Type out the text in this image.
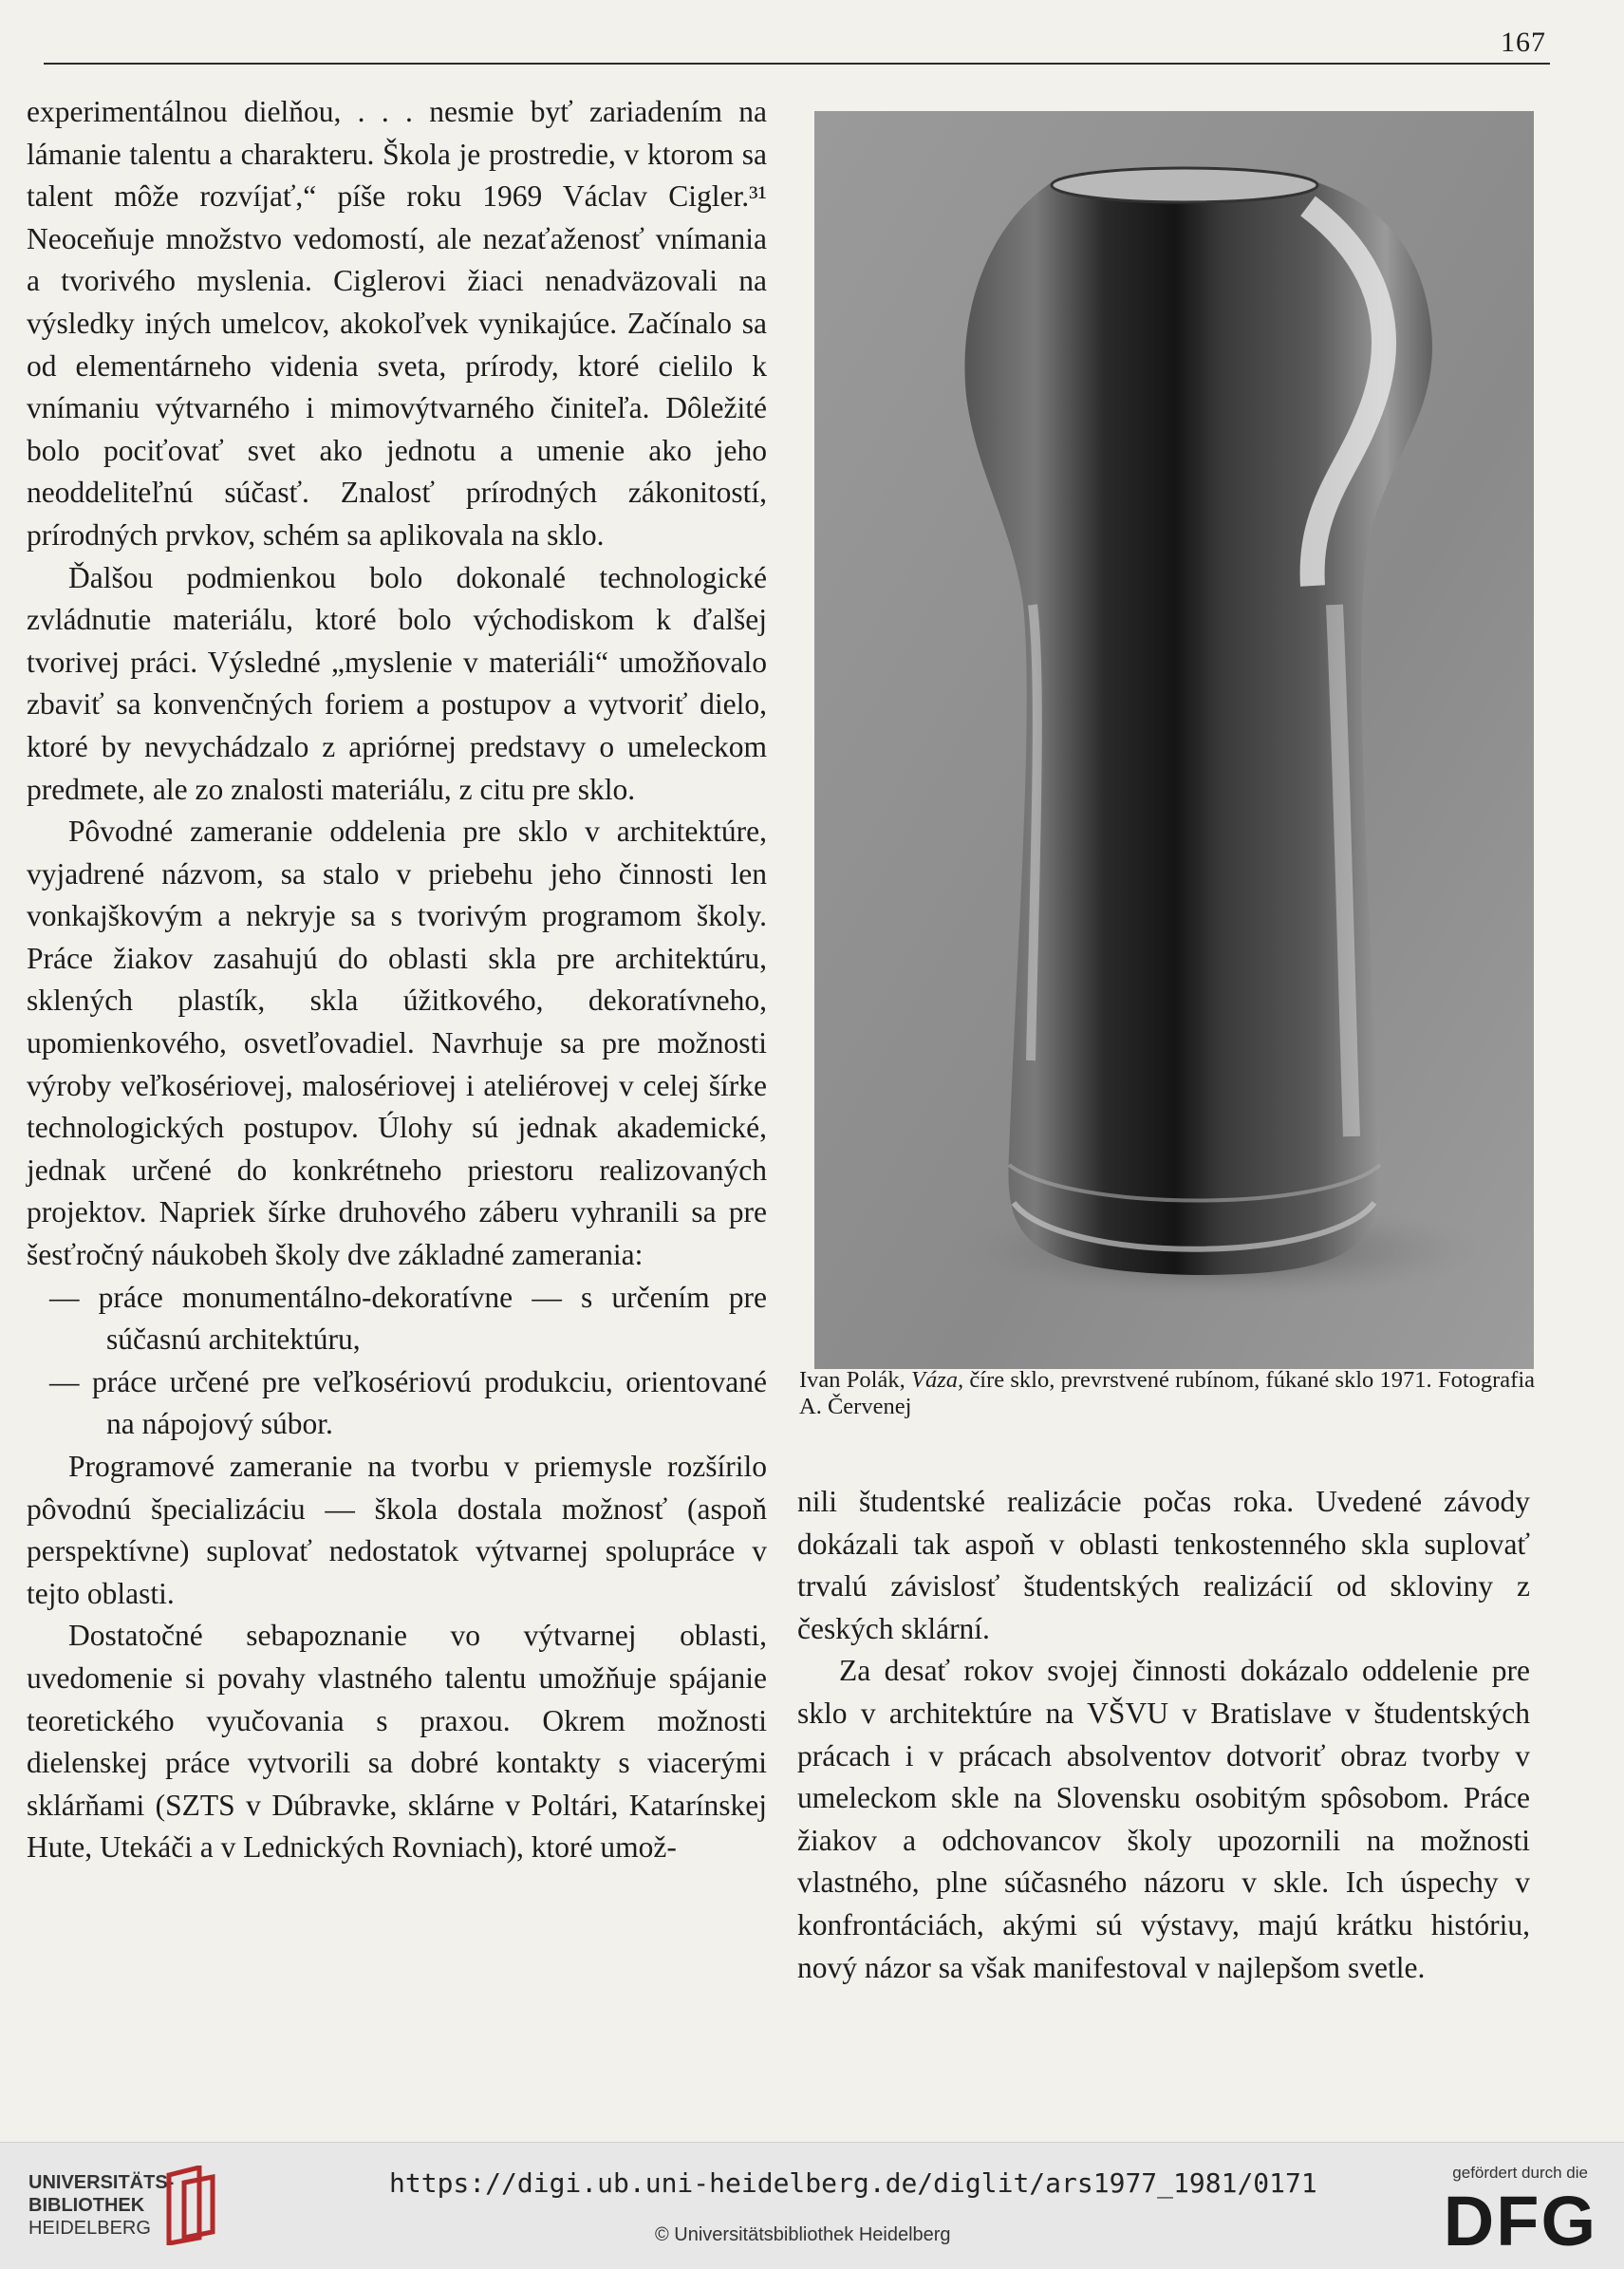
167

experimentálnou dielňou, . . . nesmie byť zariadením na lámanie talentu a charakteru. Škola je prostredie, v ktorom sa talent môže rozvíjať,“ píše roku 1969 Václav Cigler.³¹ Neoceňuje množstvo vedomostí, ale nezaťaženosť vnímania a tvorivého myslenia. Ciglerovi žiaci nenadväzovali na výsledky iných umelcov, akokoľvek vynikajúce. Začínalo sa od elementárneho videnia sveta, prírody, ktoré cielilo k vnímaniu výtvarného i mimovýtvarného činiteľa. Dôležité bolo pociťovať svet ako jednotu a umenie ako jeho neoddeliteľnú súčasť. Znalosť prírodných zákonitostí, prírodných prvkov, schém sa aplikovala na sklo.

Ďalšou podmienkou bolo dokonalé technologické zvládnutie materiálu, ktoré bolo východiskom k ďalšej tvorivej práci. Výsledné „myslenie v materiáli“ umožňovalo zbaviť sa konvenčných foriem a postupov a vytvoriť dielo, ktoré by nevychádzalo z apriórnej predstavy o umeleckom predmete, ale zo znalosti materiálu, z citu pre sklo.

Pôvodné zameranie oddelenia pre sklo v architektúre, vyjadrené názvom, sa stalo v priebehu jeho činnosti len vonkajškovým a nekryje sa s tvorivým programom školy. Práce žiakov zasahujú do oblasti skla pre architektúru, sklených plastík, skla úžitkového, dekoratívneho, upomienkového, osvetľovadiel. Navrhuje sa pre možnosti výroby veľkosériovej, malosériovej i ateliérovej v celej šírke technologických postupov. Úlohy sú jednak akademické, jednak určené do konkrétneho priestoru realizovaných projektov. Napriek šírke druhového záberu vyhranili sa pre šesťročný náukobeh školy dve základné zamerania:

— práce monumentálno-dekoratívne — s určením pre súčasnú architektúru,

— práce určené pre veľkosériovú produkciu, orientované na nápojový súbor.

Programové zameranie na tvorbu v priemysle rozšírilo pôvodnú špecializáciu — škola dostala možnosť (aspoň perspektívne) suplovať nedostatok výtvarnej spolupráce v tejto oblasti.

Dostatočné sebapoznanie vo výtvarnej oblasti, uvedomenie si povahy vlastného talentu umožňuje spájanie teoretického vyučovania s praxou. Okrem možnosti dielenskej práce vytvorili sa dobré kontakty s viacerými sklárňami (SZTS v Dúbravke, sklárne v Poltári, Katarínskej Hute, Utekáči a v Lednických Rovniach), ktoré umož-

Ivan Polák, Váza, číre sklo, prevrstvené rubínom, fúkané sklo 1971. Fotografia A. Červenej

nili študentské realizácie počas roka. Uvedené závody dokázali tak aspoň v oblasti tenkostenného skla suplovať trvalú závislosť študentských realizácií od skloviny z českých sklární.

Za desať rokov svojej činnosti dokázalo oddelenie pre sklo v architektúre na VŠVU v Bratislave v študentských prácach i v prácach absolventov dotvoriť obraz tvorby v umeleckom skle na Slovensku osobitým spôsobom. Práce žiakov a odchovancov školy upozornili na možnosti vlastného, plne súčasného názoru v skle. Ich úspechy v konfrontáciách, akými sú výstavy, majú krátku históriu, nový názor sa však manifestoval v najlepšom svetle.

UNIVERSITÄTS-
BIBLIOTHEK
HEIDELBERG
https://digi.ub.uni-heidelberg.de/diglit/ars1977_1981/0171
© Universitätsbibliothek Heidelberg
gefördert durch die
DFG
